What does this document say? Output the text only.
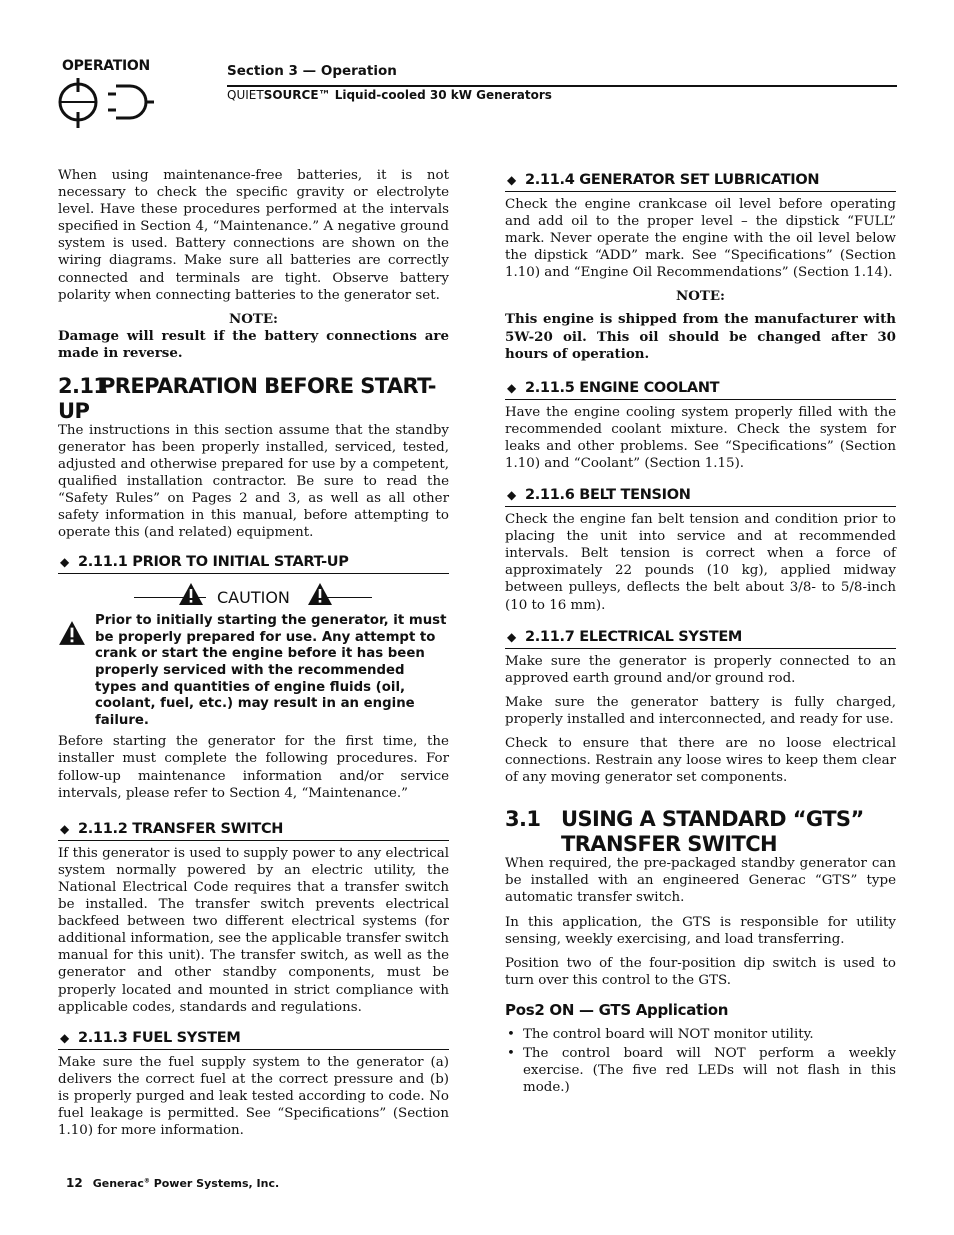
OPERATION	Section 3 — Operation
QUIETSOURCE™ Liquid-cooled 30 kW Generators

When using maintenance-free batteries, it is not necessary to check the specific gravity or electrolyte level. Have these procedures performed at the intervals specified in Section 4, “Maintenance.” A negative ground system is used. Battery connections are shown on the wiring diagrams. Make sure all batteries are correctly connected and terminals are tight. Observe battery polarity when connecting batteries to the generator set.

NOTE:
Damage will result if the battery connections are made in reverse.
2.11PREPARATION BEFORE START-UP

The instructions in this section assume that the standby generator has been properly installed, serviced, tested, adjusted and otherwise prepared for use by a competent, qualified installation contractor. Be sure to read the “Safety Rules” on Pages 2 and 3, as well as all other safety information in this manual, before attempting to operate this (and related) equipment.

◆ 2.11.1 PRIOR TO INITIAL START-UP
CAUTION
Prior to initially starting the generator, it must be properly prepared for use. Any attempt to crank or start the engine before it has been properly serviced with the recommended types and quantities of engine fluids (oil, coolant, fuel, etc.) may result in an engine failure.

Before starting the generator for the first time, the installer must complete the following procedures. For follow-up maintenance information and/or service intervals, please refer to Section 4, “Maintenance.”

◆ 2.11.2 TRANSFER SWITCH

If this generator is used to supply power to any electrical system normally powered by an electric utility, the National Electrical Code requires that a transfer switch be installed. The transfer switch prevents electrical backfeed between two different electrical systems (for additional information, see the applicable transfer switch manual for this unit). The transfer switch, as well as the generator and other standby components, must be properly located and mounted in strict compliance with applicable codes, standards and regulations.

◆ 2.11.3 FUEL SYSTEM

Make sure the fuel supply system to the generator (a) delivers the correct fuel at the correct pressure and (b) is properly purged and leak tested according to code. No fuel leakage is permitted. See “Specifications” (Section 1.10) for more information.

◆ 2.11.4 GENERATOR SET LUBRICATION

Check the engine crankcase oil level before operating and add oil to the proper level – the dipstick “FULL” mark. Never operate the engine with the oil level below the dipstick “ADD” mark. See “Specifications” (Section 1.10) and “Engine Oil Recommendations” (Section 1.14).

NOTE:
This engine is shipped from the manufacturer with 5W-20 oil. This oil should be changed after 30 hours of operation.
◆ 2.11.5 ENGINE COOLANT

Have the engine cooling system properly filled with the recommended coolant mixture. Check the system for leaks and other problems. See “Specifications” (Section 1.10) and “Coolant” (Section 1.15).

◆ 2.11.6 BELT TENSION

Check the engine fan belt tension and condition prior to placing the unit into service and at recommended intervals. Belt tension is correct when a force of approximately 22 pounds (10 kg), applied midway between pulleys, deflects the belt about 3/8- to 5/8-inch (10 to 16 mm).

◆ 2.11.7 ELECTRICAL SYSTEM

Make sure the generator is properly connected to an approved earth ground and/or ground rod.

Make sure the generator battery is fully charged, properly installed and interconnected, and ready for use.

Check to ensure that there are no loose electrical connections. Restrain any loose wires to keep them clear of any moving generator set components.

3.1 USING A STANDARD “GTS”
TRANSFER SWITCH

When required, the pre-packaged standby generator can be installed with an engineered Generac “GTS” type automatic transfer switch.

In this application, the GTS is responsible for utility sensing, weekly exercising, and load transferring.

Position two of the four-position dip switch is used to turn over this control to the GTS.

Pos2 ON — GTS Application
• The control board will NOT monitor utility.
• The control board will NOT perform a weekly exercise. (The five red LEDs will not flash in this mode.)
12 Generac® Power Systems, Inc.
